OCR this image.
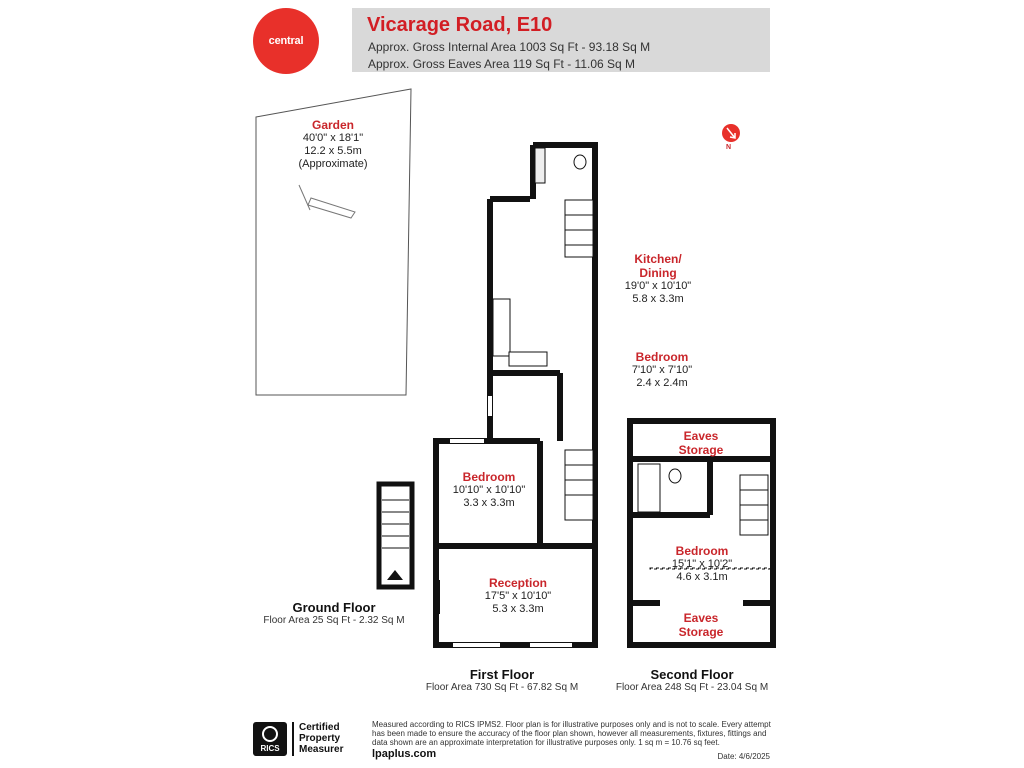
central
Vicarage Road, E10
Approx. Gross Internal Area 1003 Sq Ft - 93.18 Sq M
Approx. Gross Eaves Area 119 Sq Ft - 11.06 Sq M
Garden
40'0" x 18'1"
12.2 x 5.5m
(Approximate)
N
Kitchen/
Dining
19'0" x 10'10"
5.8 x 3.3m
Bedroom
7'10" x 7'10"
2.4 x 2.4m
Bedroom
10'10" x 10'10"
3.3 x 3.3m
Reception
17'5" x 10'10"
5.3 x 3.3m
Eaves
Storage
Bedroom
15'1" x 10'2"
4.6 x 3.1m
Eaves
Storage
Ground Floor
Floor Area 25 Sq Ft - 2.32 Sq M
First Floor
Floor Area 730 Sq Ft - 67.82 Sq M
Second Floor
Floor Area 248 Sq Ft - 23.04 Sq M
RICS
Certified
Property
Measurer
Measured according to RICS IPMS2. Floor plan is for illustrative purposes only and is not to scale. Every attempt
has been made to ensure the accuracy of the floor plan shown, however all measurements, fixtures, fittings and
data shown are an approximate interpretation for illustrative purposes only. 1 sq m = 10.76 sq feet.
lpaplus.com	Date: 4/6/2025
